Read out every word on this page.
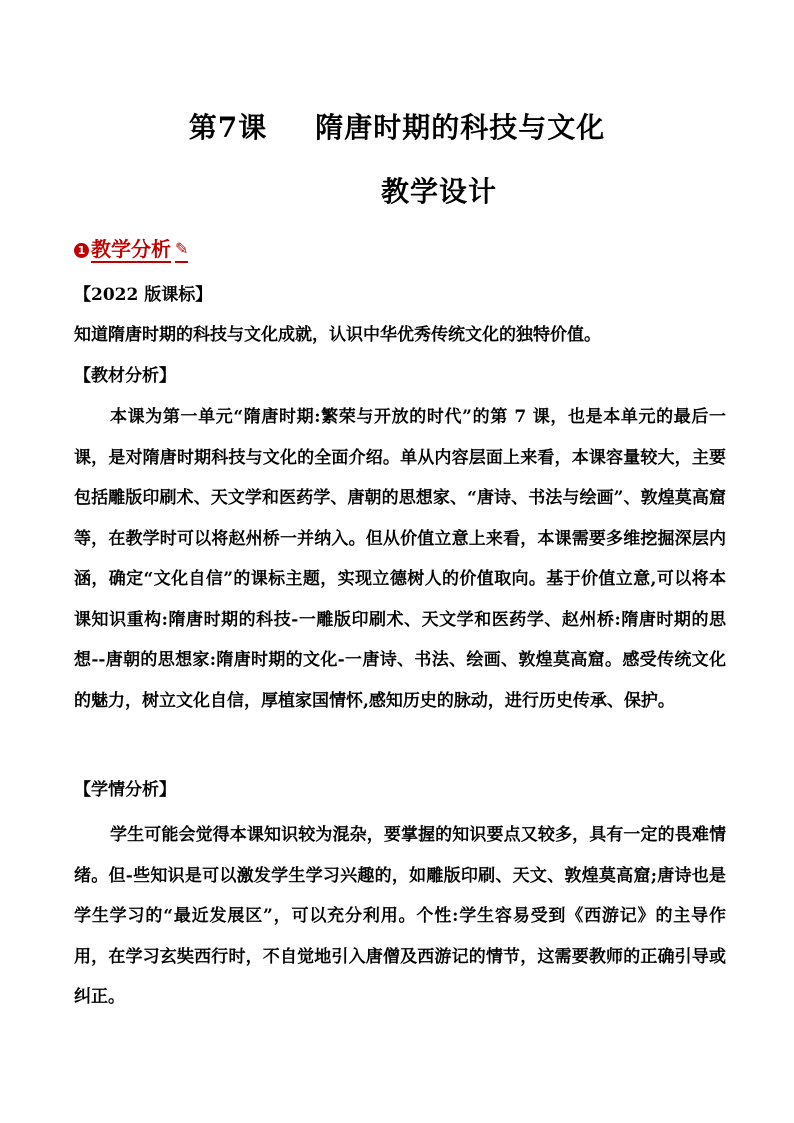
第7课 隋唐时期的科技与文化
教学设计
1 教学分析 ✎
【2022 版课标】
知道隋唐时期的科技与文化成就，认识中华优秀传统文化的独特价值。
【教材分析】
本课为第一单元“隋唐时期:繁荣与开放的时代”的第 7 课，也是本单元的最后一课，是对隋唐时期科技与文化的全面介绍。单从内容层面上来看，本课容量较大，主要包括雕版印刷术、天文学和医药学、唐朝的思想家、“唐诗、书法与绘画”、敦煌莫高窟等，在教学时可以将赵州桥一并纳入。但从价值立意上来看，本课需要多维挖掘深层内涵，确定“文化自信”的课标主题，实现立德树人的价值取向。基于价值立意,可以将本课知识重构:隋唐时期的科技-一雕版印刷术、天文学和医药学、赵州桥:隋唐时期的思想--唐朝的思想家:隋唐时期的文化-一唐诗、书法、绘画、敦煌莫高窟。感受传统文化的魅力，树立文化自信，厚植家国情怀,感知历史的脉动，进行历史传承、保护。
【学情分析】
学生可能会觉得本课知识较为混杂，要掌握的知识要点又较多，具有一定的畏难情绪。但-些知识是可以激发学生学习兴趣的，如雕版印刷、天文、敦煌莫高窟;唐诗也是学生学习的“最近发展区”，可以充分利用。个性:学生容易受到《西游记》的主导作用，在学习玄奘西行时，不自觉地引入唐僧及西游记的情节，这需要教师的正确引导或纠正。
